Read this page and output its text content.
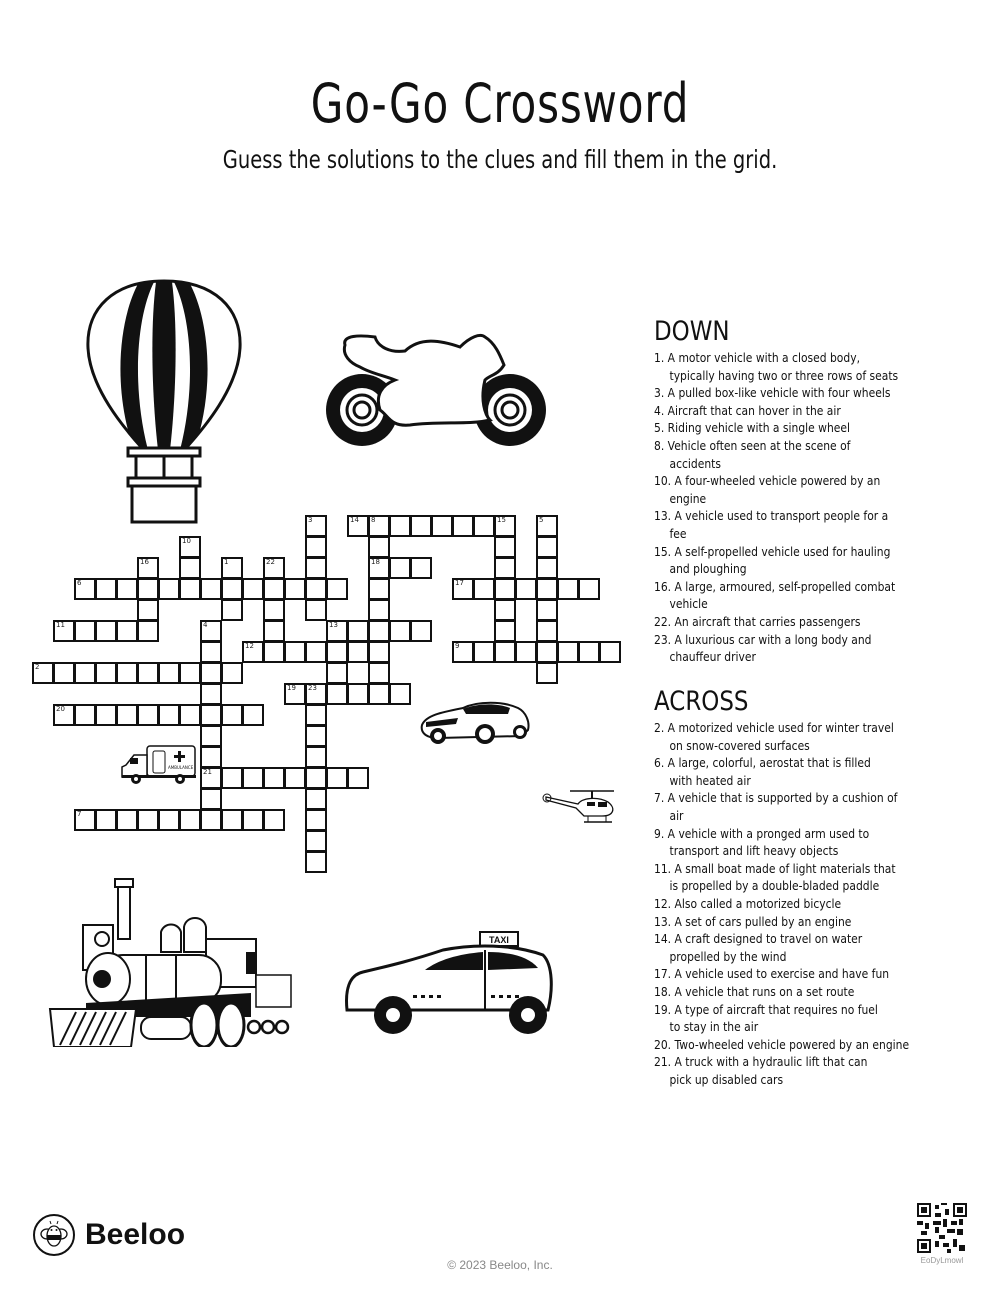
Go-Go Crossword
Guess the solutions to the clues and fill them in the grid.
AMBULANCE
TAXI
14 8	15
18
6	17
11	13
12	9
2
19 23
20
21
7
3	5
10
16	1	22
4
DOWN
1. A motor vehicle with a closed body,
typically having two or three rows of seats
3. A pulled box-like vehicle with four wheels
4. Aircraft that can hover in the air
5. Riding vehicle with a single wheel
8. Vehicle often seen at the scene of
accidents
10. A four-wheeled vehicle powered by an
engine
13. A vehicle used to transport people for a
fee
15. A self-propelled vehicle used for hauling
and ploughing
16. A large, armoured, self-propelled combat
vehicle
22. An aircraft that carries passengers
23. A luxurious car with a long body and
chauffeur driver
ACROSS
2. A motorized vehicle used for winter travel
on snow-covered surfaces
6. A large, colorful, aerostat that is filled
with heated air
7. A vehicle that is supported by a cushion of
air
9. A vehicle with a pronged arm used to
transport and lift heavy objects
11. A small boat made of light materials that
is propelled by a double-bladed paddle
12. Also called a motorized bicycle
13. A set of cars pulled by an engine
14. A craft designed to travel on water
propelled by the wind
17. A vehicle used to exercise and have fun
18. A vehicle that runs on a set route
19. A type of aircraft that requires no fuel
to stay in the air
20. Two-wheeled vehicle powered by an engine
21. A truck with a hydraulic lift that can
pick up disabled cars
Beeloo
© 2023 Beeloo, Inc.	EoDyLmowl
